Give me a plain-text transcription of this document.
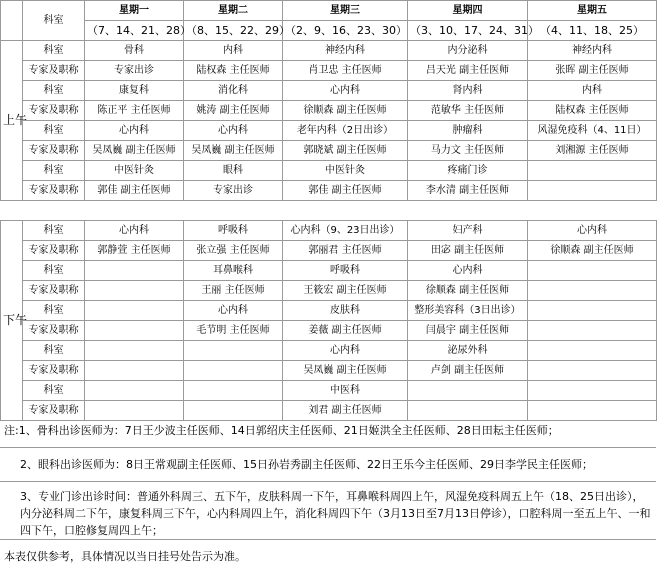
	科室	星期一	星期二	星期三	星期四	星期五
		（7、14、21、28）	（8、15、22、29）	（2、9、16、23、30）	（3、10、17、24、31）	（4、11、18、25）
上午	科室	骨科	内科	神经内科	内分泌科	神经内科
	专家及职称	专家出诊	陆权森 主任医师	肖卫忠 主任医师	吕天光 副主任医师	张晖 副主任医师
	科室	康复科	消化科	心内科	肾内科	内科
	专家及职称	陈正平 主任医师	姚涛 副主任医师	徐顺森 副主任医师	范敏华 主任医师	陆权森 主任医师
	科室	心内科	心内科	老年内科（2日出诊）	肿瘤科	风湿免疫科（4、11日）
	专家及职称	吴凤巍 副主任医师	吴凤巍 副主任医师	郭晓斌 副主任医师	马力文 主任医师	刘湘源 主任医师
	科室	中医针灸	眼科	中医针灸	疼痛门诊	
	专家及职称	郭佳 副主任医师	专家出诊	郭佳 副主任医师	李水清 副主任医师	

下午	科室	心内科	呼吸科	心内科（9、23日出诊）	妇产科	心内科
	专家及职称	郭静萱 主任医师	张立强 主任医师	郭丽君 主任医师	田宓 副主任医师	徐顺森 副主任医师
	科室		耳鼻喉科	呼吸科	心内科	
	专家及职称		王丽 主任医师	王筱宏 副主任医师	徐顺森 副主任医师	
	科室		心内科	皮肤科	整形美容科（3日出诊）	
	专家及职称		毛节明 主任医师	姜薇 副主任医师	闫晨宇 副主任医师	
	科室			心内科	泌尿外科	
	专家及职称			吴凤巍 副主任医师	卢剑 副主任医师	
	科室			中医科		
	专家及职称			刘君 副主任医师		
注:1、骨科出诊医师为：7日王少波主任医师、14日郭绍庆主任医师、21日姬洪全主任医师、28日田耘主任医师；
2、眼科出诊医师为：8日王常观副主任医师、15日孙岩秀副主任医师、22日王乐今主任医师、29日李学民主任医师；
3、专业门诊出诊时间：普通外科周三、五下午，皮肤科周一下午，耳鼻喉科周四上午，风湿免疫科周五上午（18、25日出诊），内分泌科周二下午，康复科周三下午，心内科周四上午，消化科周四下午（3月13日至7月13日停诊），口腔科周一至五上午、一和四下午，口腔修复周四上午；
本表仅供参考，具体情况以当日挂号处告示为准。
